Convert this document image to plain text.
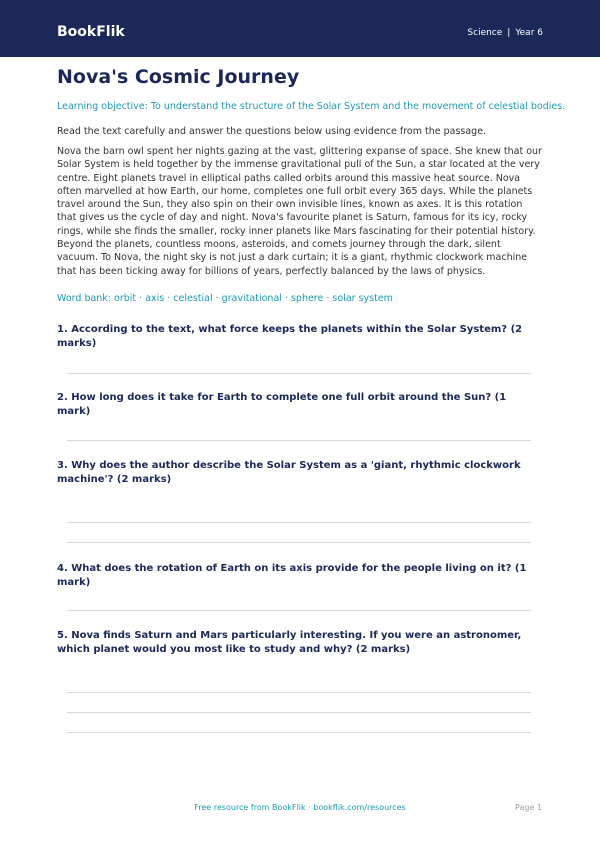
BookFlik	Science | Year 6
Nova's Cosmic Journey
Learning objective: To understand the structure of the Solar System and the movement of celestial bodies.
Read the text carefully and answer the questions below using evidence from the passage.

Nova the barn owl spent her nights gazing at the vast, glittering expanse of space. She knew that our Solar System is held together by the immense gravitational pull of the Sun, a star located at the very centre. Eight planets travel in elliptical paths called orbits around this massive heat source. Nova often marvelled at how Earth, our home, completes one full orbit every 365 days. While the planets travel around the Sun, they also spin on their own invisible lines, known as axes. It is this rotation that gives us the cycle of day and night. Nova's favourite planet is Saturn, famous for its icy, rocky rings, while she finds the smaller, rocky inner planets like Mars fascinating for their potential history. Beyond the planets, countless moons, asteroids, and comets journey through the dark, silent vacuum. To Nova, the night sky is not just a dark curtain; it is a giant, rhythmic clockwork machine that has been ticking away for billions of years, perfectly balanced by the laws of physics.

Word bank: orbit · axis · celestial · gravitational · sphere · solar system

1. According to the text, what force keeps the planets within the Solar System? (2 marks)

2. How long does it take for Earth to complete one full orbit around the Sun? (1 mark)

3. Why does the author describe the Solar System as a 'giant, rhythmic clockwork machine'? (2 marks)

4. What does the rotation of Earth on its axis provide for the people living on it? (1 mark)

5. Nova finds Saturn and Mars particularly interesting. If you were an astronomer, which planet would you most like to study and why? (2 marks)

Free resource from BookFlik · bookflik.com/resources	Page 1
